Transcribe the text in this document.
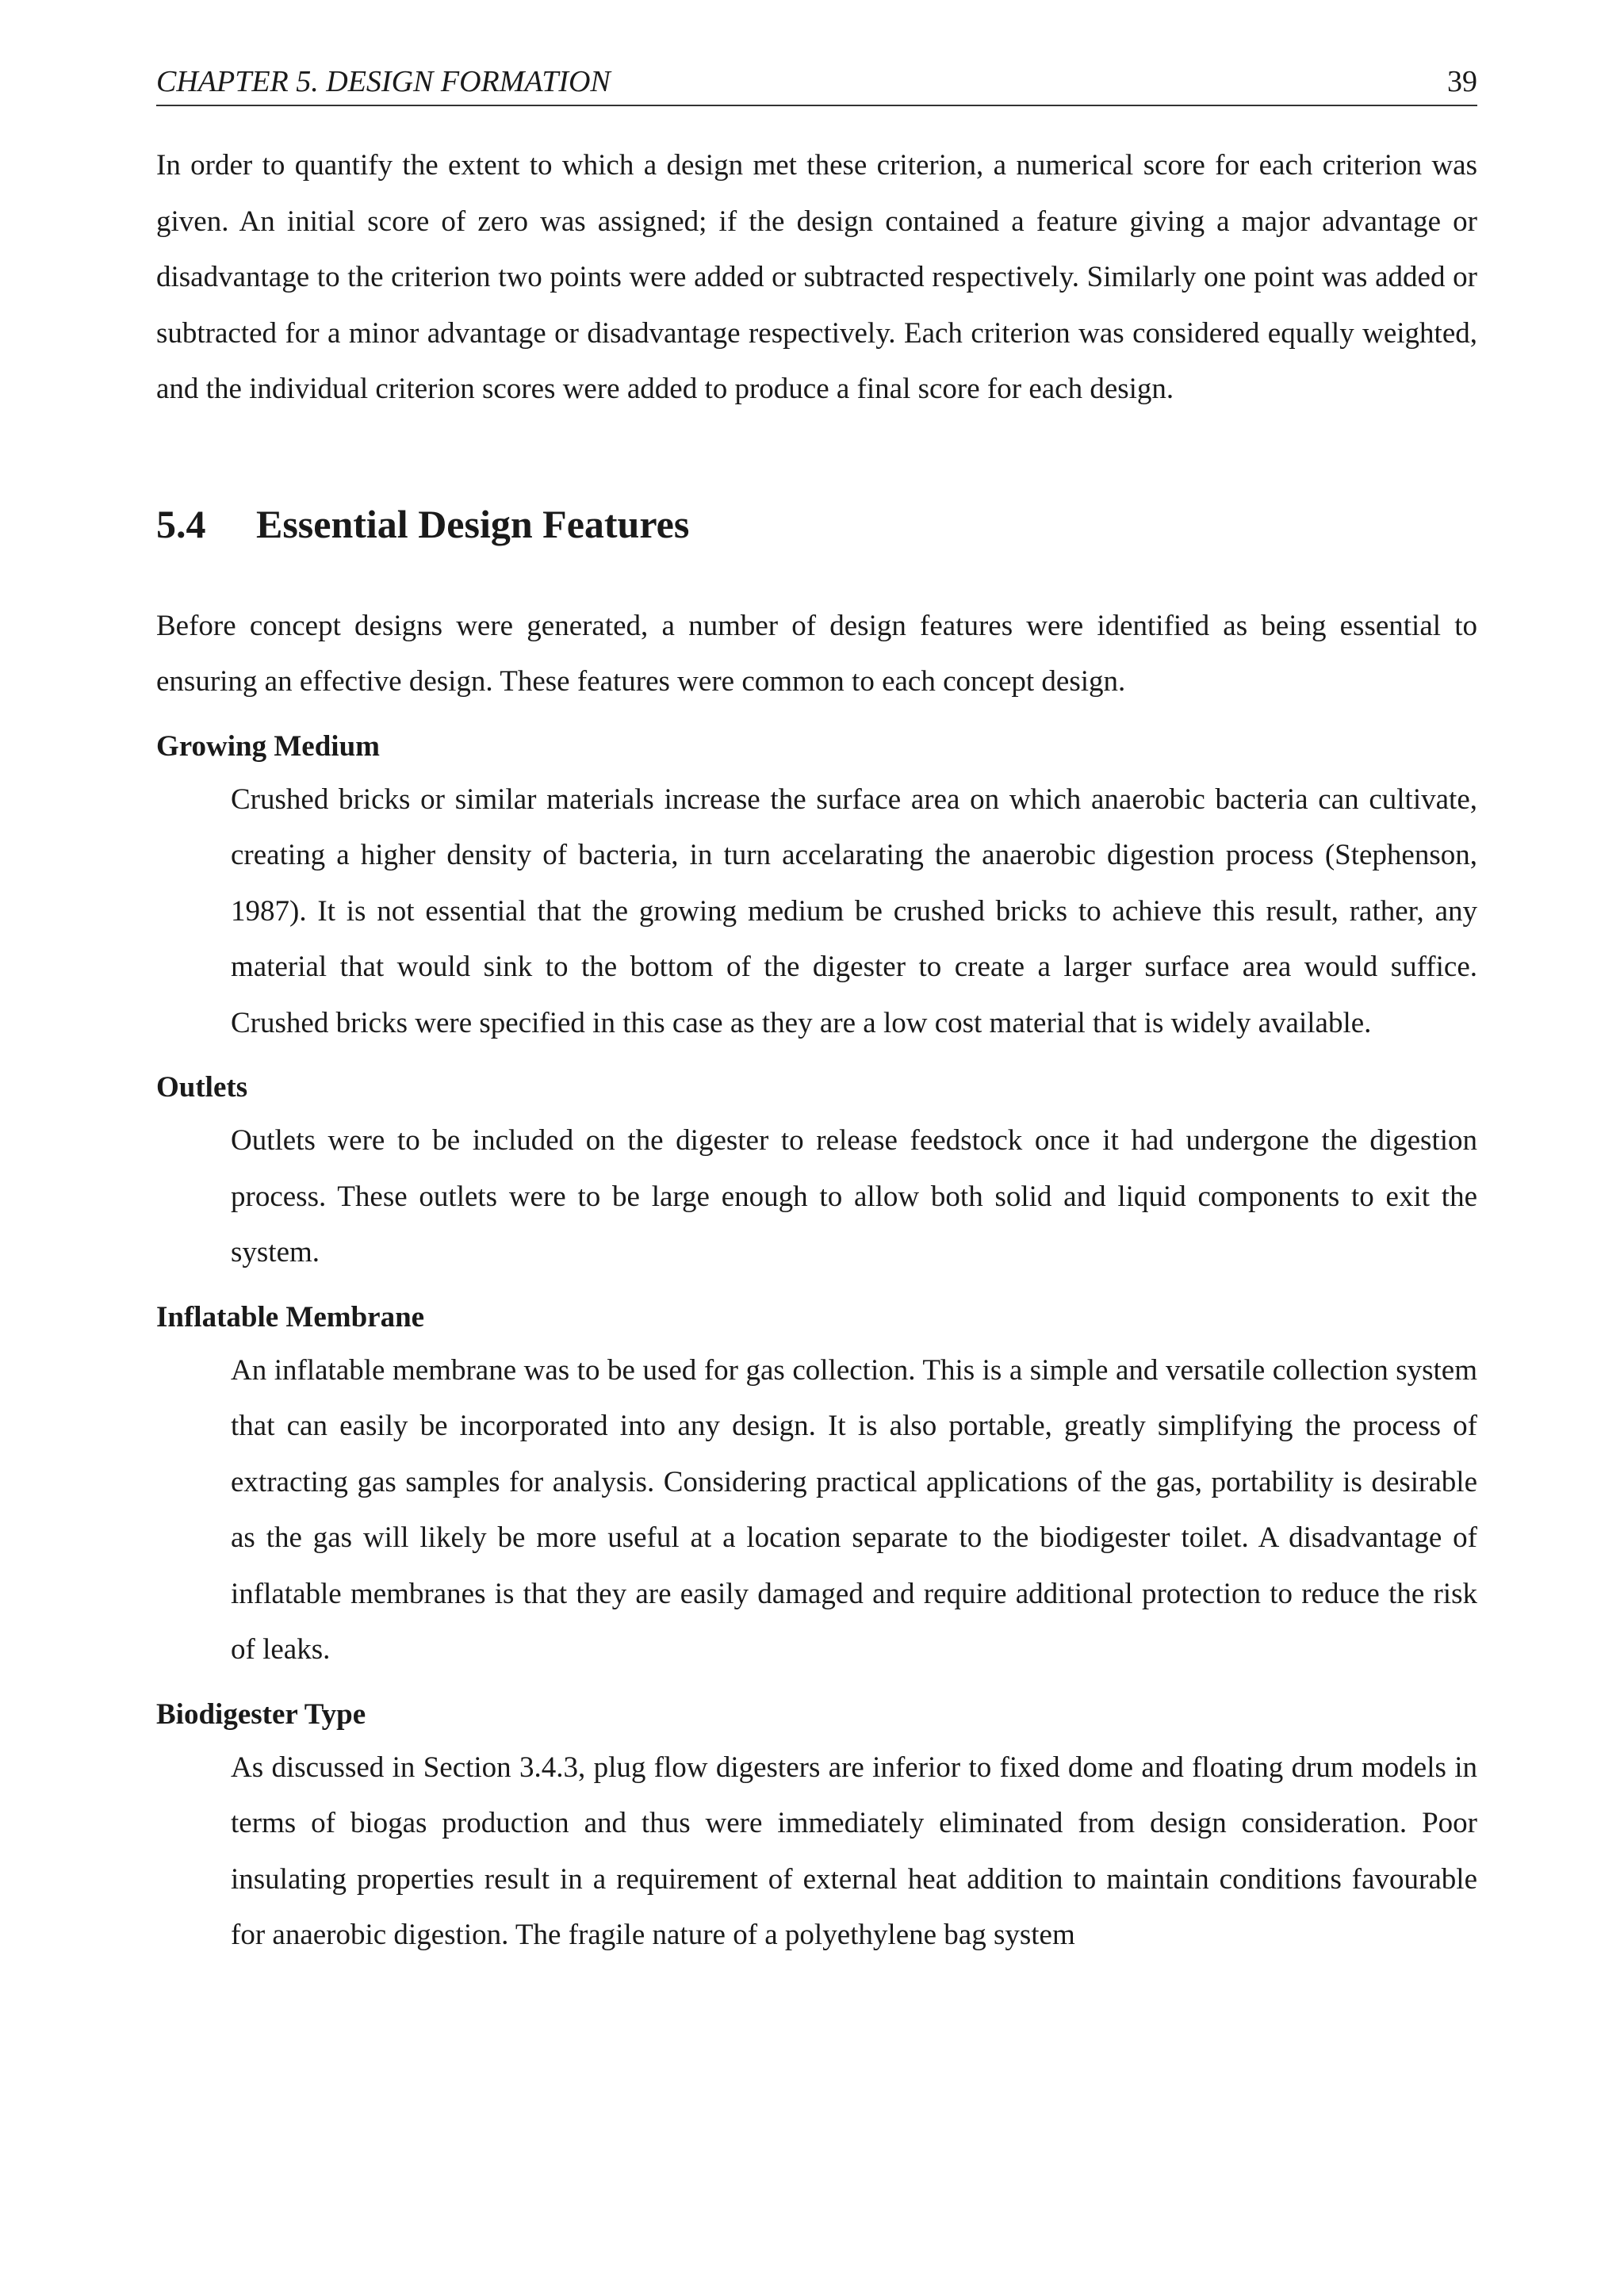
CHAPTER 5. DESIGN FORMATION	39

In order to quantify the extent to which a design met these criterion, a numerical score for each criterion was given. An initial score of zero was assigned; if the design contained a feature giving a major advantage or disadvantage to the criterion two points were added or subtracted respectively. Similarly one point was added or subtracted for a minor advantage or disadvantage respectively. Each criterion was considered equally weighted, and the individual criterion scores were added to produce a final score for each design.

5.4	Essential Design Features

Before concept designs were generated, a number of design features were identified as being essential to ensuring an effective design. These features were common to each concept design.

Growing Medium

Crushed bricks or similar materials increase the surface area on which anaerobic bacteria can cultivate, creating a higher density of bacteria, in turn accelarating the anaerobic digestion process (Stephenson, 1987). It is not essential that the growing medium be crushed bricks to achieve this result, rather, any material that would sink to the bottom of the digester to create a larger surface area would suffice. Crushed bricks were specified in this case as they are a low cost material that is widely available.

Outlets

Outlets were to be included on the digester to release feedstock once it had undergone the digestion process. These outlets were to be large enough to allow both solid and liquid components to exit the system.

Inflatable Membrane

An inflatable membrane was to be used for gas collection. This is a simple and versatile collection system that can easily be incorporated into any design. It is also portable, greatly simplifying the process of extracting gas samples for analysis. Considering practical applications of the gas, portability is desirable as the gas will likely be more useful at a location separate to the biodigester toilet. A disadvantage of inflatable membranes is that they are easily damaged and require additional protection to reduce the risk of leaks.

Biodigester Type

As discussed in Section 3.4.3, plug flow digesters are inferior to fixed dome and floating drum models in terms of biogas production and thus were immediately eliminated from design consideration. Poor insulating properties result in a requirement of external heat addition to maintain conditions favourable for anaerobic digestion. The fragile nature of a polyethylene bag system
